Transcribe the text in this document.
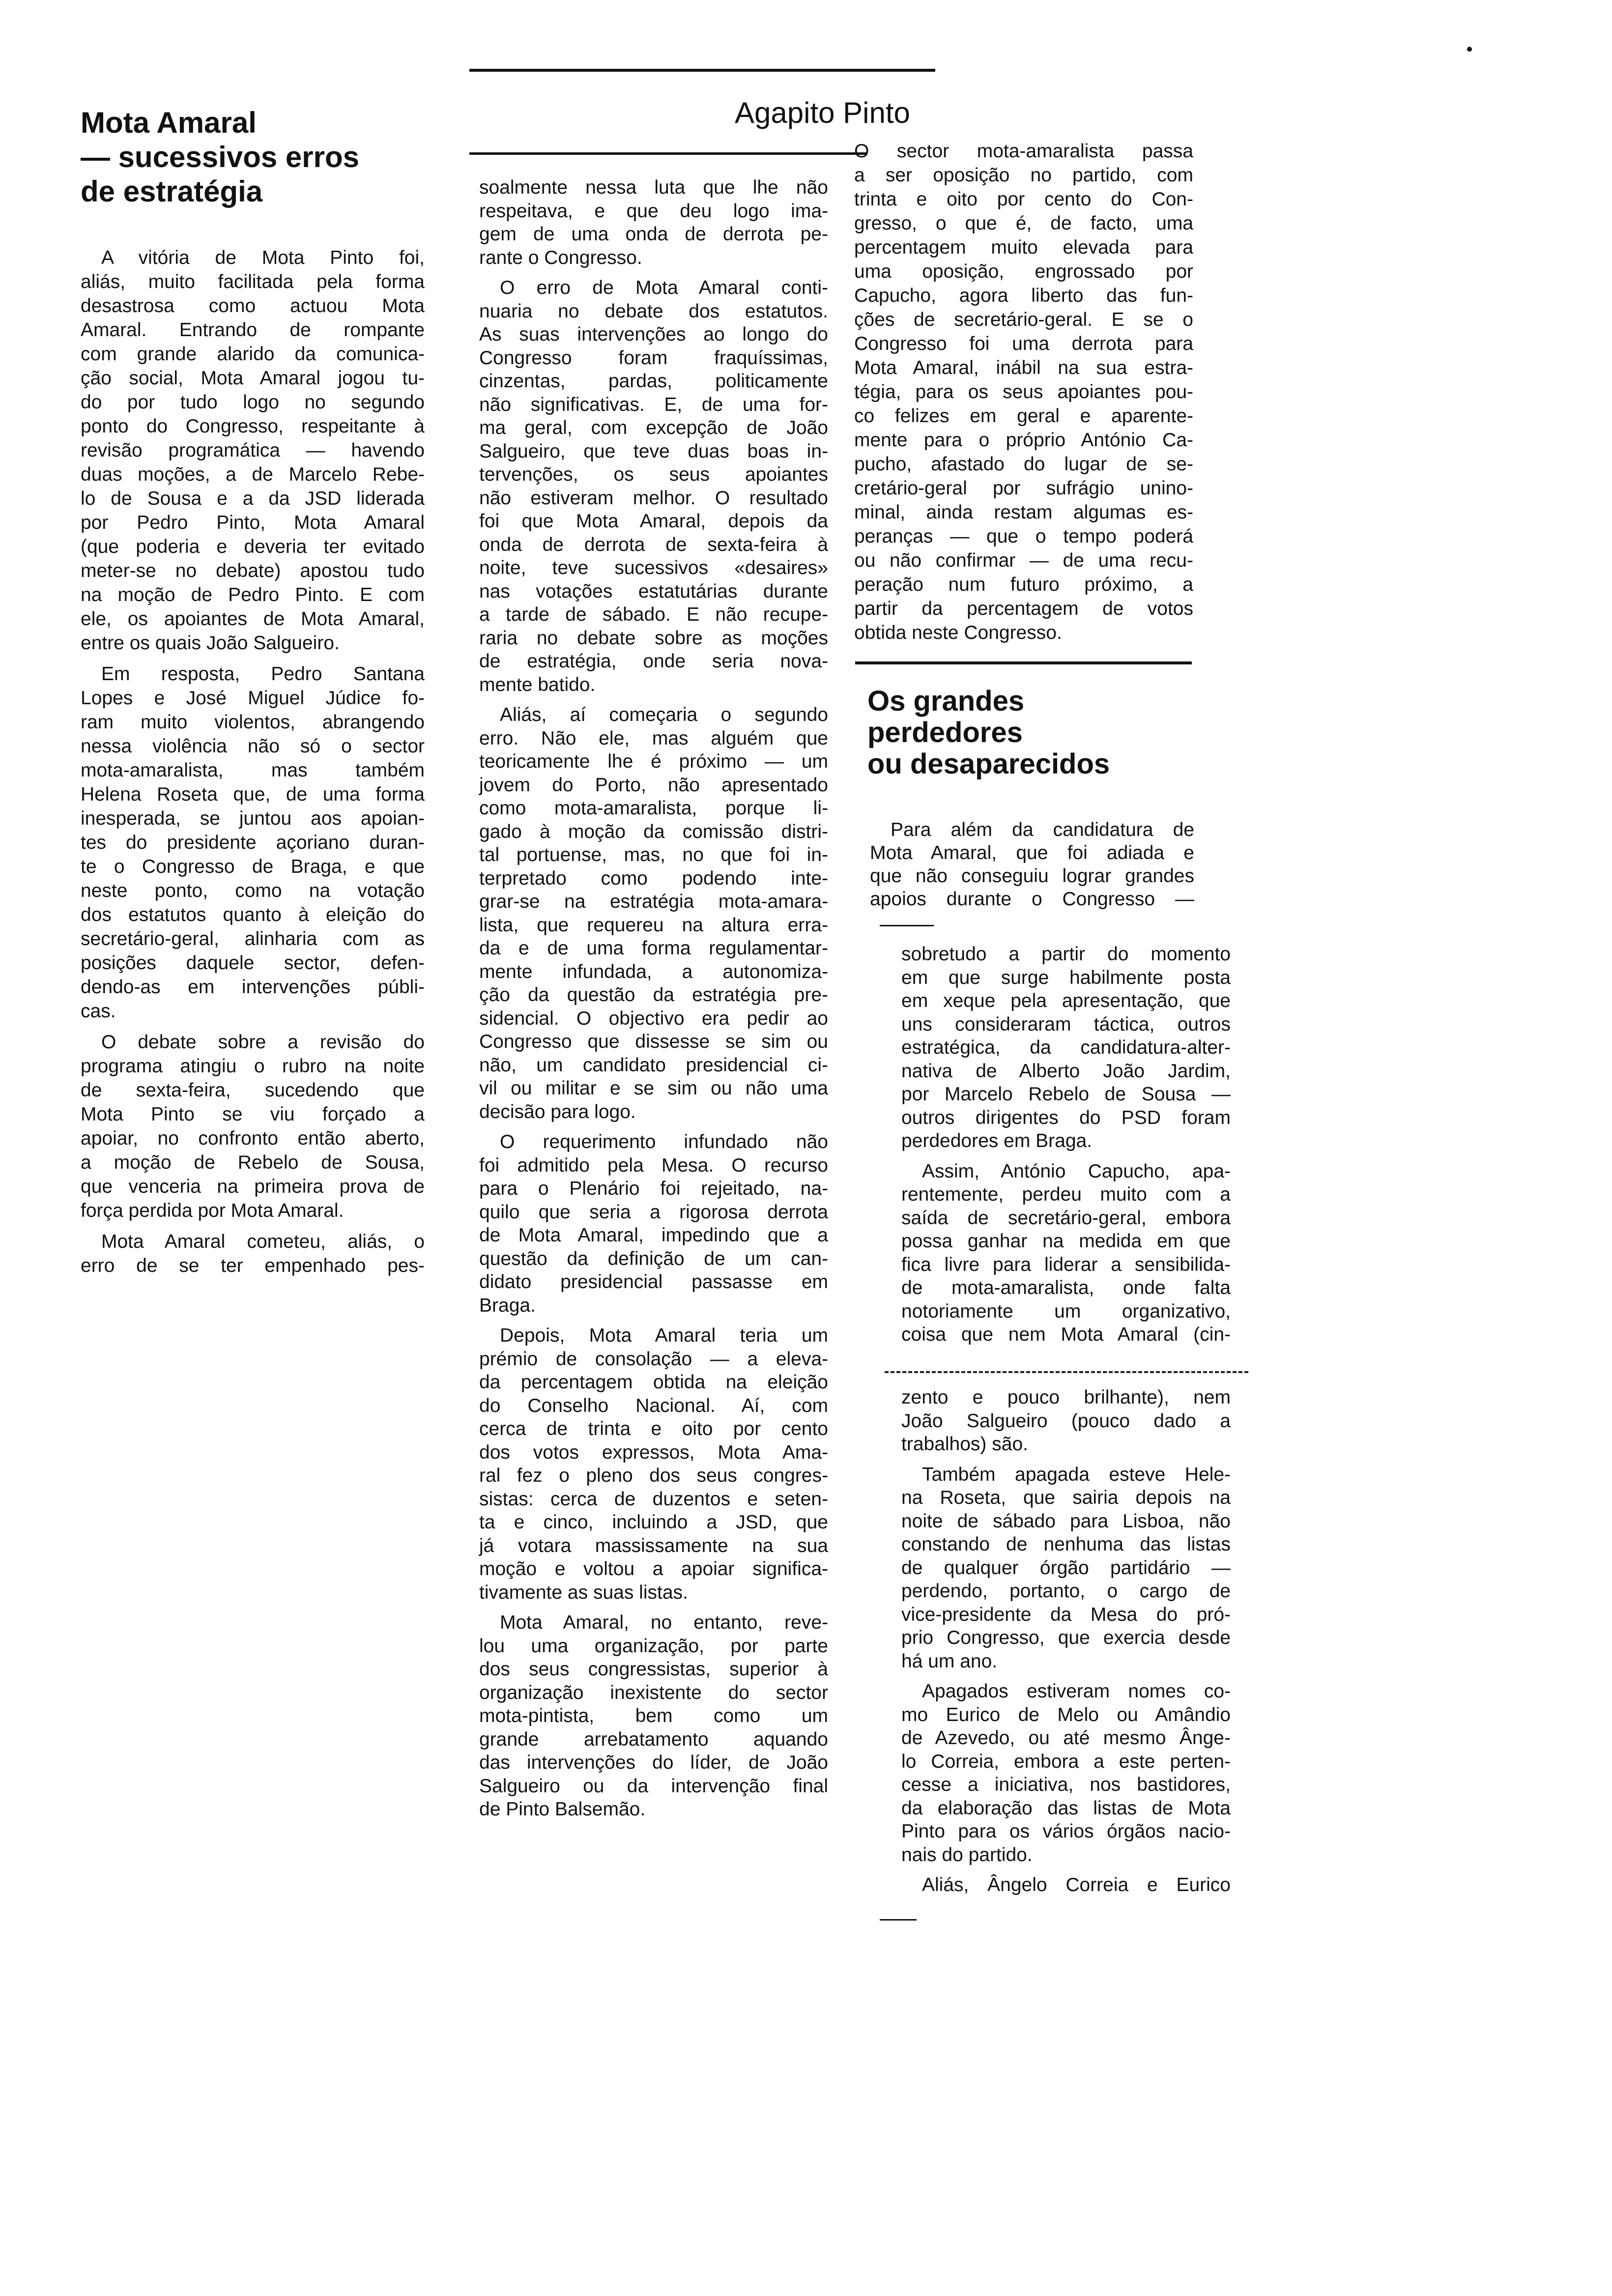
Mota Amaral
— sucessivos erros
de estratégia
Agapito Pinto
Os grandes
perdedores
ou desaparecidos
A vitória de Mota Pinto foi,
aliás, muito facilitada pela forma
desastrosa como actuou Mota
Amaral. Entrando de rompante
com grande alarido da comunica-
ção social, Mota Amaral jogou tu-
do por tudo logo no segundo
ponto do Congresso, respeitante à
revisão programática — havendo
duas moções, a de Marcelo Rebe-
lo de Sousa e a da JSD liderada
por Pedro Pinto, Mota Amaral
(que poderia e deveria ter evitado
meter-se no debate) apostou tudo
na moção de Pedro Pinto. E com
ele, os apoiantes de Mota Amaral,
entre os quais João Salgueiro.
Em resposta, Pedro Santana
Lopes e José Miguel Júdice fo-
ram muito violentos, abrangendo
nessa violência não só o sector
mota-amaralista, mas também
Helena Roseta que, de uma forma
inesperada, se juntou aos apoian-
tes do presidente açoriano duran-
te o Congresso de Braga, e que
neste ponto, como na votação
dos estatutos quanto à eleição do
secretário-geral, alinharia com as
posições daquele sector, defen-
dendo-as em intervenções públi-
cas.
O debate sobre a revisão do
programa atingiu o rubro na noite
de sexta-feira, sucedendo que
Mota Pinto se viu forçado a
apoiar, no confronto então aberto,
a moção de Rebelo de Sousa,
que venceria na primeira prova de
força perdida por Mota Amaral.
Mota Amaral cometeu, aliás, o
erro de se ter empenhado pes-
soalmente nessa luta que lhe não
respeitava, e que deu logo ima-
gem de uma onda de derrota pe-
rante o Congresso.
O erro de Mota Amaral conti-
nuaria no debate dos estatutos.
As suas intervenções ao longo do
Congresso foram fraquíssimas,
cinzentas, pardas, politicamente
não significativas. E, de uma for-
ma geral, com excepção de João
Salgueiro, que teve duas boas in-
tervenções, os seus apoiantes
não estiveram melhor. O resultado
foi que Mota Amaral, depois da
onda de derrota de sexta-feira à
noite, teve sucessivos «desaires»
nas votações estatutárias durante
a tarde de sábado. E não recupe-
raria no debate sobre as moções
de estratégia, onde seria nova-
mente batido.
Aliás, aí começaria o segundo
erro. Não ele, mas alguém que
teoricamente lhe é próximo — um
jovem do Porto, não apresentado
como mota-amaralista, porque li-
gado à moção da comissão distri-
tal portuense, mas, no que foi in-
terpretado como podendo inte-
grar-se na estratégia mota-amara-
lista, que requereu na altura erra-
da e de uma forma regulamentar-
mente infundada, a autonomiza-
ção da questão da estratégia pre-
sidencial. O objectivo era pedir ao
Congresso que dissesse se sim ou
não, um candidato presidencial ci-
vil ou militar e se sim ou não uma
decisão para logo.
O requerimento infundado não
foi admitido pela Mesa. O recurso
para o Plenário foi rejeitado, na-
quilo que seria a rigorosa derrota
de Mota Amaral, impedindo que a
questão da definição de um can-
didato presidencial passasse em
Braga.
Depois, Mota Amaral teria um
prémio de consolação — a eleva-
da percentagem obtida na eleição
do Conselho Nacional. Aí, com
cerca de trinta e oito por cento
dos votos expressos, Mota Ama-
ral fez o pleno dos seus congres-
sistas: cerca de duzentos e seten-
ta e cinco, incluindo a JSD, que
já votara massissamente na sua
moção e voltou a apoiar significa-
tivamente as suas listas.
Mota Amaral, no entanto, reve-
lou uma organização, por parte
dos seus congressistas, superior à
organização inexistente do sector
mota-pintista, bem como um
grande arrebatamento aquando
das intervenções do líder, de João
Salgueiro ou da intervenção final
de Pinto Balsemão.
O sector mota-amaralista passa
a ser oposição no partido, com
trinta e oito por cento do Con-
gresso, o que é, de facto, uma
percentagem muito elevada para
uma oposição, engrossado por
Capucho, agora liberto das fun-
ções de secretário-geral. E se o
Congresso foi uma derrota para
Mota Amaral, inábil na sua estra-
tégia, para os seus apoiantes pou-
co felizes em geral e aparente-
mente para o próprio António Ca-
pucho, afastado do lugar de se-
cretário-geral por sufrágio unino-
minal, ainda restam algumas es-
peranças — que o tempo poderá
ou não confirmar — de uma recu-
peração num futuro próximo, a
partir da percentagem de votos
obtida neste Congresso.
Para além da candidatura de
Mota Amaral, que foi adiada e
que não conseguiu lograr grandes
apoios durante o Congresso —
sobretudo a partir do momento
em que surge habilmente posta
em xeque pela apresentação, que
uns consideraram táctica, outros
estratégica, da candidatura-alter-
nativa de Alberto João Jardim,
por Marcelo Rebelo de Sousa —
outros dirigentes do PSD foram
perdedores em Braga.
Assim, António Capucho, apa-
rentemente, perdeu muito com a
saída de secretário-geral, embora
possa ganhar na medida em que
fica livre para liderar a sensibilida-
de mota-amaralista, onde falta
notoriamente um organizativo,
coisa que nem Mota Amaral (cin-
zento e pouco brilhante), nem
João Salgueiro (pouco dado a
trabalhos) são.
Também apagada esteve Hele-
na Roseta, que sairia depois na
noite de sábado para Lisboa, não
constando de nenhuma das listas
de qualquer órgão partidário —
perdendo, portanto, o cargo de
vice-presidente da Mesa do pró-
prio Congresso, que exercia desde
há um ano.
Apagados estiveram nomes co-
mo Eurico de Melo ou Amândio
de Azevedo, ou até mesmo Ânge-
lo Correia, embora a este perten-
cesse a iniciativa, nos bastidores,
da elaboração das listas de Mota
Pinto para os vários órgãos nacio-
nais do partido.
Aliás, Ângelo Correia e Eurico
